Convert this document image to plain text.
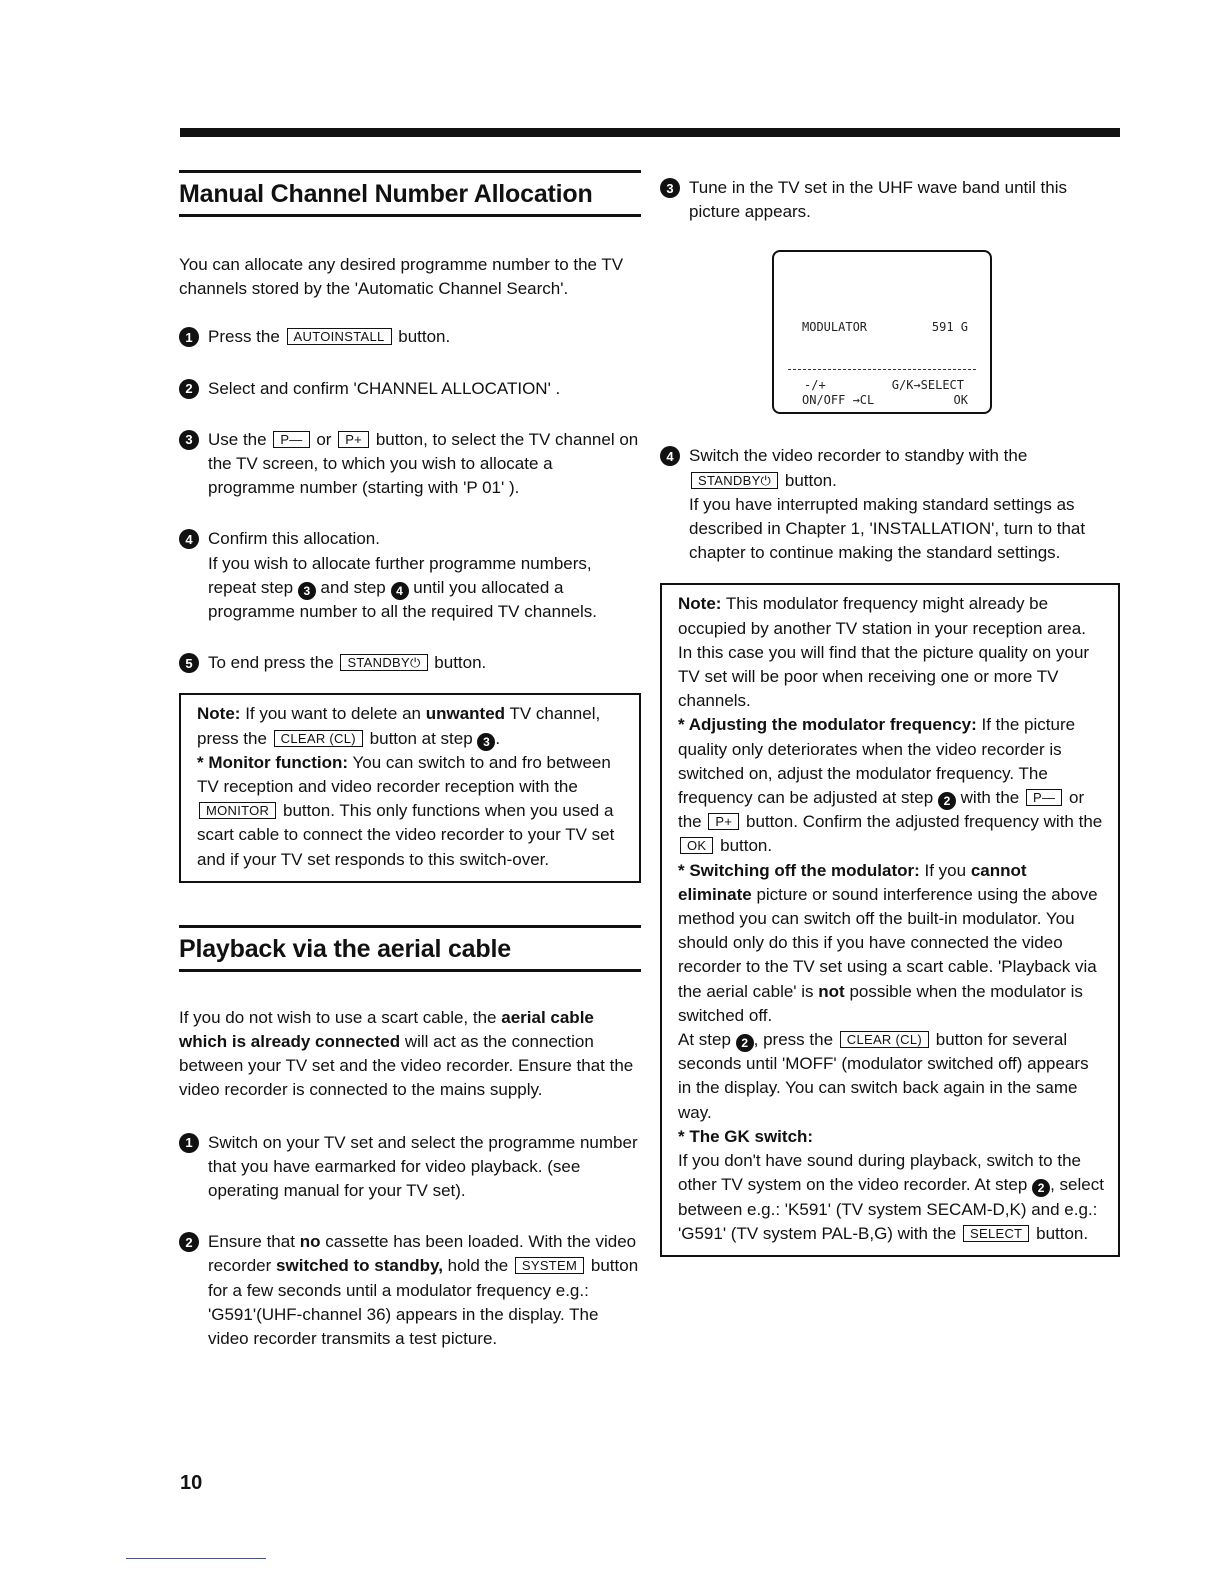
Manual Channel Number Allocation

You can allocate any desired programme number to the TV channels stored by the 'Automatic Channel Search'.

1 Press the AUTOINSTALL button.

2 Select and confirm 'CHANNEL ALLOCATION' .

3 Use the P— or P+ button, to select the TV channel on the TV screen, to which you wish to allocate a programme number (starting with 'P 01' ).

4 Confirm this allocation.

If you wish to allocate further programme numbers, repeat step 3 and step 4 until you allocated a programme number to all the required TV channels.

5 To end press the STANDBY⏻ button.

Note: If you want to delete an unwanted TV channel, press the CLEAR (CL) button at step 3 .

* Monitor function: You can switch to and fro between TV reception and video recorder reception with the MONITOR button. This only functions when you used a scart cable to connect the video recorder to your TV set and if your TV set responds to this switch-over.

Playback via the aerial cable

If you do not wish to use a scart cable, the aerial cable which is already connected will act as the connection between your TV set and the video recorder. Ensure that the video recorder is connected to the mains supply.

1 Switch on your TV set and select the programme number that you have earmarked for video playback. (see operating manual for your TV set).

2 Ensure that no cassette has been loaded. With the video recorder switched to standby, hold the SYSTEM button for a few seconds until a modulator frequency e.g.: 'G591'(UHF-channel 36) appears in the display. The video recorder transmits a test picture.

3 Tune in the TV set in the UHF wave band until this picture appears.

MODULATOR	591 G
-/+	G/K→SELECT
ON/OFF →CL	OK
4 Switch the video recorder to standby with the STANDBY⏻ button.

If you have interrupted making standard settings as described in Chapter 1, 'INSTALLATION', turn to that chapter to continue making the standard settings.

Note: This modulator frequency might already be occupied by another TV station in your reception area. In this case you will find that the picture quality on your TV set will be poor when receiving one or more TV channels.

* Adjusting the modulator frequency: If the picture quality only deteriorates when the video recorder is switched on, adjust the modulator frequency. The frequency can be adjusted at step 2 with the P— or the P+ button. Confirm the adjusted frequency with the OK button.

* Switching off the modulator: If you cannot eliminate picture or sound interference using the above method you can switch off the built-in modulator. You should only do this if you have connected the video recorder to the TV set using a scart cable. 'Playback via the aerial cable' is not possible when the modulator is switched off.

At step 2 , press the CLEAR (CL) button for several seconds until 'MOFF' (modulator switched off) appears in the display. You can switch back again in the same way.

* The GK switch:

If you don't have sound during playback, switch to the other TV system on the video recorder. At step 2 , select between e.g.: 'K591' (TV system SECAM-D,K) and e.g.: 'G591' (TV system PAL-B,G) with the SELECT button.

10
